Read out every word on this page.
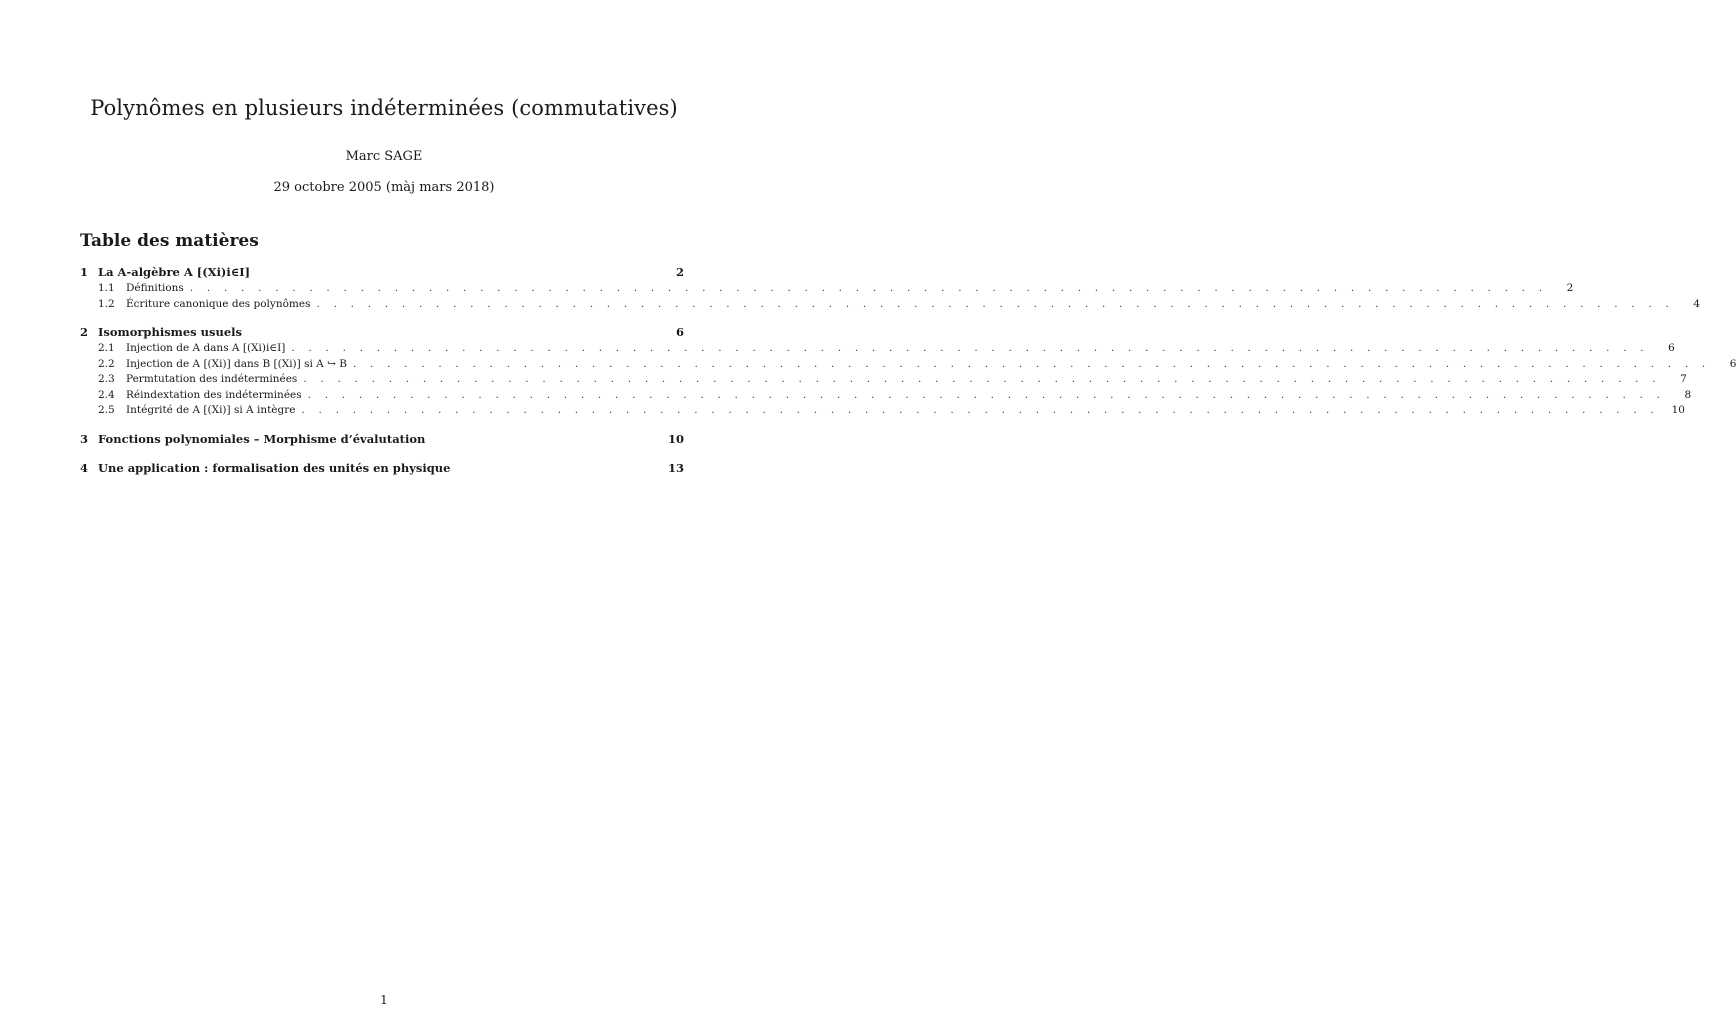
Polynômes en plusieurs indéterminées (commutatives)
Marc SAGE
29 octobre 2005 (màj mars 2018)
Table des matières
1 La A-algèbre A [(Xi)i∈I]	2
1.1	Définitions . . . . . . . . . . . . . . . . . . . . . . . . . . . . . . . . . . . . . . . . . . . . . . . . . . . . . . . . . . . . . . . . . . . . . . . . . . . . . . . .	2
1.2	Écriture canonique des polynômes . . . . . . . . . . . . . . . . . . . . . . . . . . . . . . . . . . . . . . . . . . . . . . . . . . . . . . . . . . . . . . . . . . . . . . . . . . . . . . . .	4
2 Isomorphismes usuels	6
2.1	Injection de A dans A [(Xi)i∈I] . . . . . . . . . . . . . . . . . . . . . . . . . . . . . . . . . . . . . . . . . . . . . . . . . . . . . . . . . . . . . . . . . . . . . . . . . . . . . . . .	6
2.2	Injection de A [(Xi)] dans B [(Xi)] si A ↪ B . . . . . . . . . . . . . . . . . . . . . . . . . . . . . . . . . . . . . . . . . . . . . . . . . . . . . . . . . . . . . . . . . . . . . . . . . . . . . . . .	6
2.3	Permtutation des indéterminées . . . . . . . . . . . . . . . . . . . . . . . . . . . . . . . . . . . . . . . . . . . . . . . . . . . . . . . . . . . . . . . . . . . . . . . . . . . . . . . .	7
2.4	Réindextation des indéterminées . . . . . . . . . . . . . . . . . . . . . . . . . . . . . . . . . . . . . . . . . . . . . . . . . . . . . . . . . . . . . . . . . . . . . . . . . . . . . . . .	8
2.5	Intégrité de A [(Xi)] si A intègre . . . . . . . . . . . . . . . . . . . . . . . . . . . . . . . . . . . . . . . . . . . . . . . . . . . . . . . . . . . . . . . . . . . . . . . . . . . . . . . .	10
3 Fonctions polynomiales – Morphisme d’évalutation	10
4 Une application : formalisation des unités en physique	13
1
